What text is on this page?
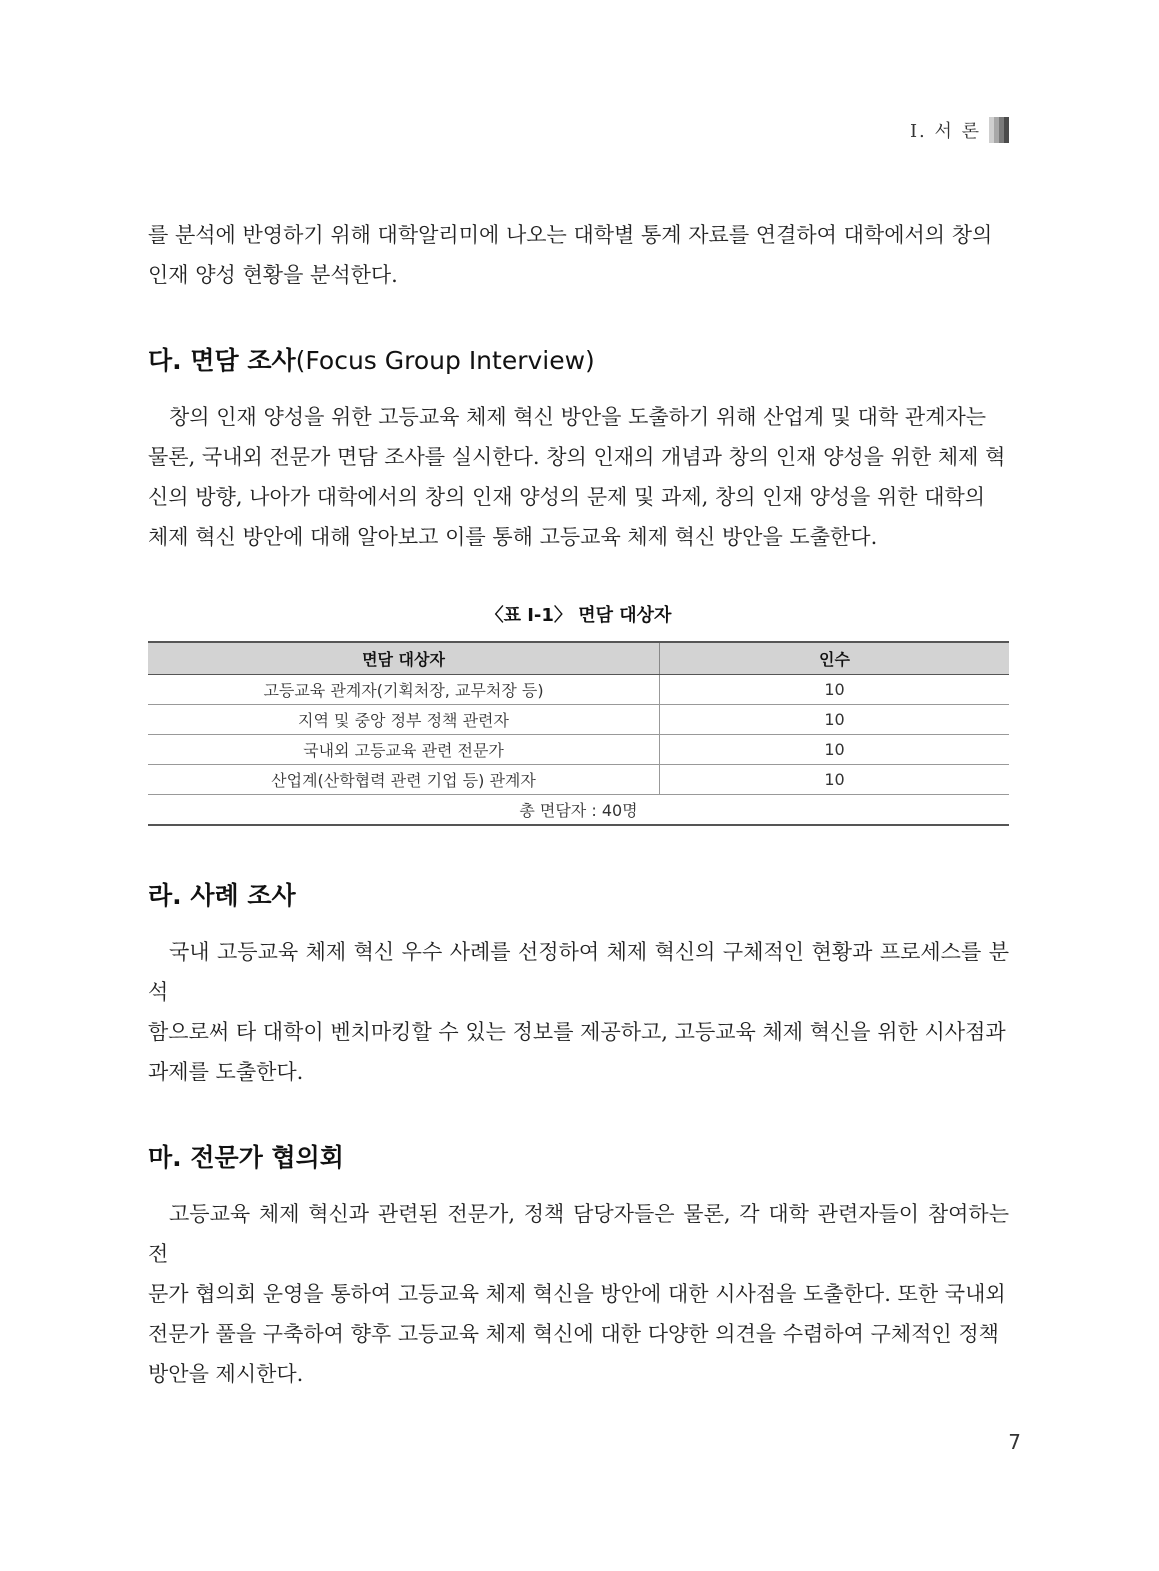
Ⅰ. 서 론

를 분석에 반영하기 위해 대학알리미에 나오는 대학별 통계 자료를 연결하여 대학에서의 창의

인재 양성 현황을 분석한다.

다. 면담 조사(Focus Group Interview)

창의 인재 양성을 위한 고등교육 체제 혁신 방안을 도출하기 위해 산업계 및 대학 관계자는

물론, 국내외 전문가 면담 조사를 실시한다. 창의 인재의 개념과 창의 인재 양성을 위한 체제 혁

신의 방향, 나아가 대학에서의 창의 인재 양성의 문제 및 과제, 창의 인재 양성을 위한 대학의

체제 혁신 방안에 대해 알아보고 이를 통해 고등교육 체제 혁신 방안을 도출한다.

〈표 Ⅰ-1〉 면담 대상자

면담 대상자	인수
고등교육 관계자(기획처장, 교무처장 등)	10
지역 및 중앙 정부 정책 관련자	10
국내외 고등교육 관련 전문가	10
산업계(산학협력 관련 기업 등) 관계자	10
총 면담자 : 40명	
라. 사례 조사

국내 고등교육 체제 혁신 우수 사례를 선정하여 체제 혁신의 구체적인 현황과 프로세스를 분석

함으로써 타 대학이 벤치마킹할 수 있는 정보를 제공하고, 고등교육 체제 혁신을 위한 시사점과

과제를 도출한다.

마. 전문가 협의회

고등교육 체제 혁신과 관련된 전문가, 정책 담당자들은 물론, 각 대학 관련자들이 참여하는 전

문가 협의회 운영을 통하여 고등교육 체제 혁신을 방안에 대한 시사점을 도출한다. 또한 국내외

전문가 풀을 구축하여 향후 고등교육 체제 혁신에 대한 다양한 의견을 수렴하여 구체적인 정책

방안을 제시한다.

7
